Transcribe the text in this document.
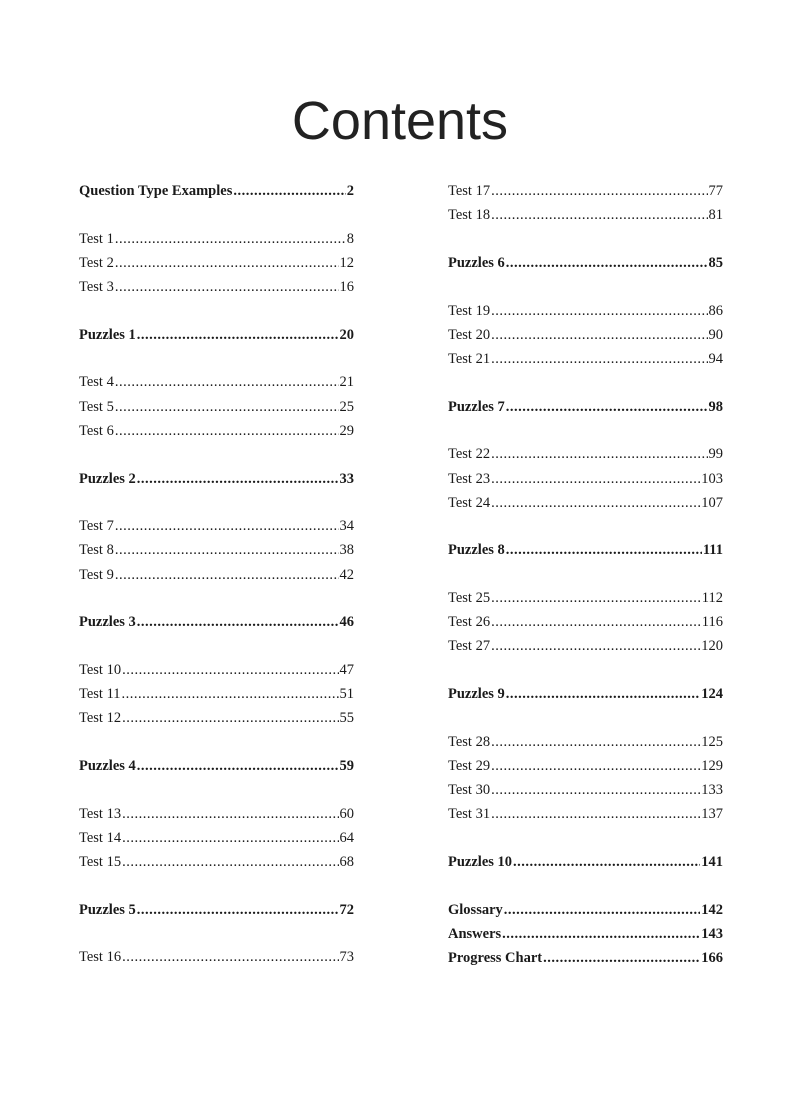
Contents
Question Type Examples .....	2
Test 1 .....	8
Test 2 .....	12
Test 3 .....	16
Puzzles 1 .....	20
Test 4 .....	21
Test 5 .....	25
Test 6 .....	29
Puzzles 2 .....	33
Test 7 .....	34
Test 8 .....	38
Test 9 .....	42
Puzzles 3 .....	46
Test 10 .....	47
Test 11 .....	51
Test 12 .....	55
Puzzles 4 .....	59
Test 13 .....	60
Test 14 .....	64
Test 15 .....	68
Puzzles 5 .....	72
Test 16 .....	73
Test 17 .....	77
Test 18 .....	81
Puzzles 6 .....	85
Test 19 .....	86
Test 20 .....	90
Test 21 .....	94
Puzzles 7 .....	98
Test 22 .....	99
Test 23 .....	103
Test 24 .....	107
Puzzles 8 .....	111
Test 25 .....	112
Test 26 .....	116
Test 27 .....	120
Puzzles 9 .....	124
Test 28 .....	125
Test 29 .....	129
Test 30 .....	133
Test 31 .....	137
Puzzles 10 .....	141
Glossary .....	142
Answers .....	143
Progress Chart .....	166
